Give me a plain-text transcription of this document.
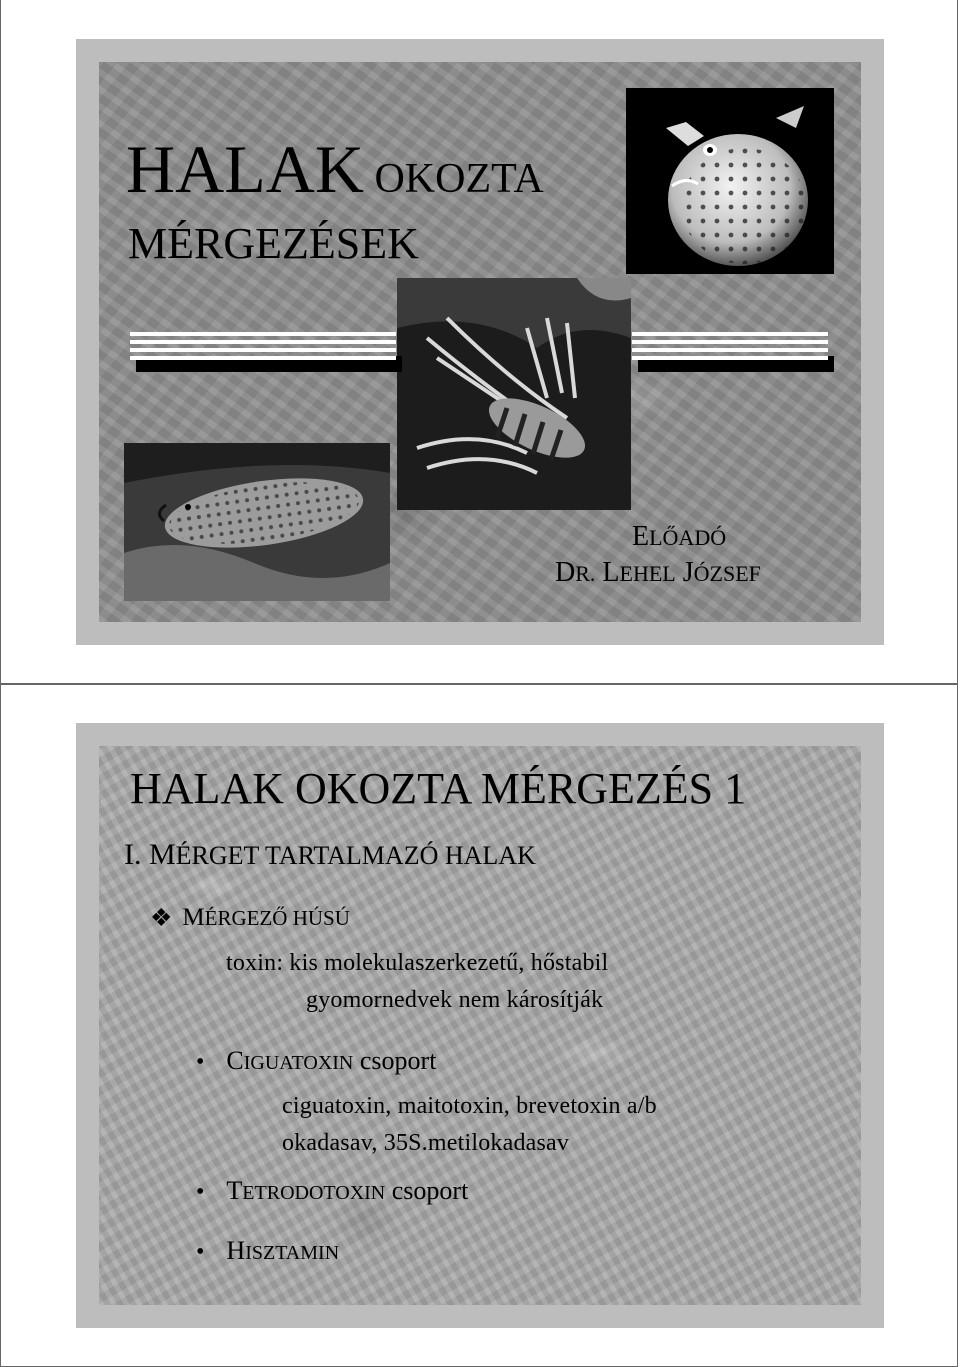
HALAK OKOZTA
MÉRGEZÉSEK
ELŐADÓ
DR. LEHEL JÓZSEF
HALAK OKOZTA MÉRGEZÉS 1
I. MÉRGET TARTALMAZÓ HALAK
❖ MÉRGEZŐ HÚSÚ
toxin: kis molekulaszerkezetű, hőstabil
gyomornedvek nem károsítják
• CIGUATOXIN csoport
ciguatoxin, maitotoxin, brevetoxin a/b
okadasav, 35S.metilokadasav
• TETRODOTOXIN csoport
• HISZTAMIN
